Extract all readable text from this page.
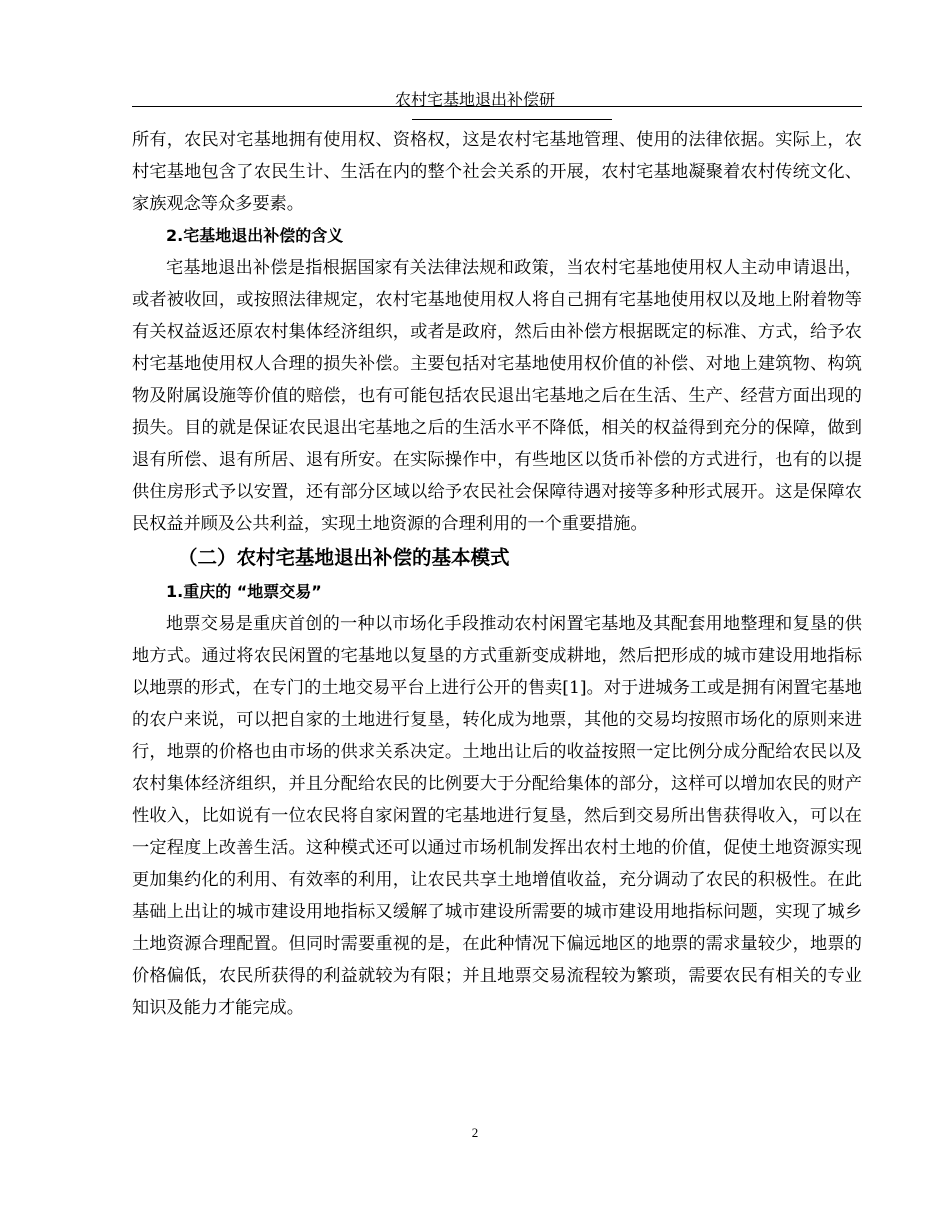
农村宅基地退出补偿研

所有，农民对宅基地拥有使用权、资格权，这是农村宅基地管理、使用的法律依据。实际上，农村宅基地包含了农民生计、生活在内的整个社会关系的开展，农村宅基地凝聚着农村传统文化、家族观念等众多要素。

2.宅基地退出补偿的含义

宅基地退出补偿是指根据国家有关法律法规和政策，当农村宅基地使用权人主动申请退出，或者被收回，或按照法律规定，农村宅基地使用权人将自己拥有宅基地使用权以及地上附着物等有关权益返还原农村集体经济组织，或者是政府，然后由补偿方根据既定的标准、方式，给予农村宅基地使用权人合理的损失补偿。主要包括对宅基地使用权价值的补偿、对地上建筑物、构筑物及附属设施等价值的赔偿，也有可能包括农民退出宅基地之后在生活、生产、经营方面出现的损失。目的就是保证农民退出宅基地之后的生活水平不降低，相关的权益得到充分的保障，做到退有所偿、退有所居、退有所安。在实际操作中，有些地区以货币补偿的方式进行，也有的以提供住房形式予以安置，还有部分区域以给予农民社会保障待遇对接等多种形式展开。这是保障农民权益并顾及公共利益，实现土地资源的合理利用的一个重要措施。

（二）农村宅基地退出补偿的基本模式

1.重庆的 “地票交易”

地票交易是重庆首创的一种以市场化手段推动农村闲置宅基地及其配套用地整理和复垦的供地方式。通过将农民闲置的宅基地以复垦的方式重新变成耕地，然后把形成的城市建设用地指标以地票的形式，在专门的土地交易平台上进行公开的售卖[1]。对于进城务工或是拥有闲置宅基地的农户来说，可以把自家的土地进行复垦，转化成为地票，其他的交易均按照市场化的原则来进行，地票的价格也由市场的供求关系决定。土地出让后的收益按照一定比例分成分配给农民以及农村集体经济组织，并且分配给农民的比例要大于分配给集体的部分，这样可以增加农民的财产性收入，比如说有一位农民将自家闲置的宅基地进行复垦，然后到交易所出售获得收入，可以在一定程度上改善生活。这种模式还可以通过市场机制发挥出农村土地的价值，促使土地资源实现更加集约化的利用、有效率的利用，让农民共享土地增值收益，充分调动了农民的积极性。在此基础上出让的城市建设用地指标又缓解了城市建设所需要的城市建设用地指标问题，实现了城乡土地资源合理配置。但同时需要重视的是，在此种情况下偏远地区的地票的需求量较少，地票的价格偏低，农民所获得的利益就较为有限；并且地票交易流程较为繁琐，需要农民有相关的专业知识及能力才能完成。

2
